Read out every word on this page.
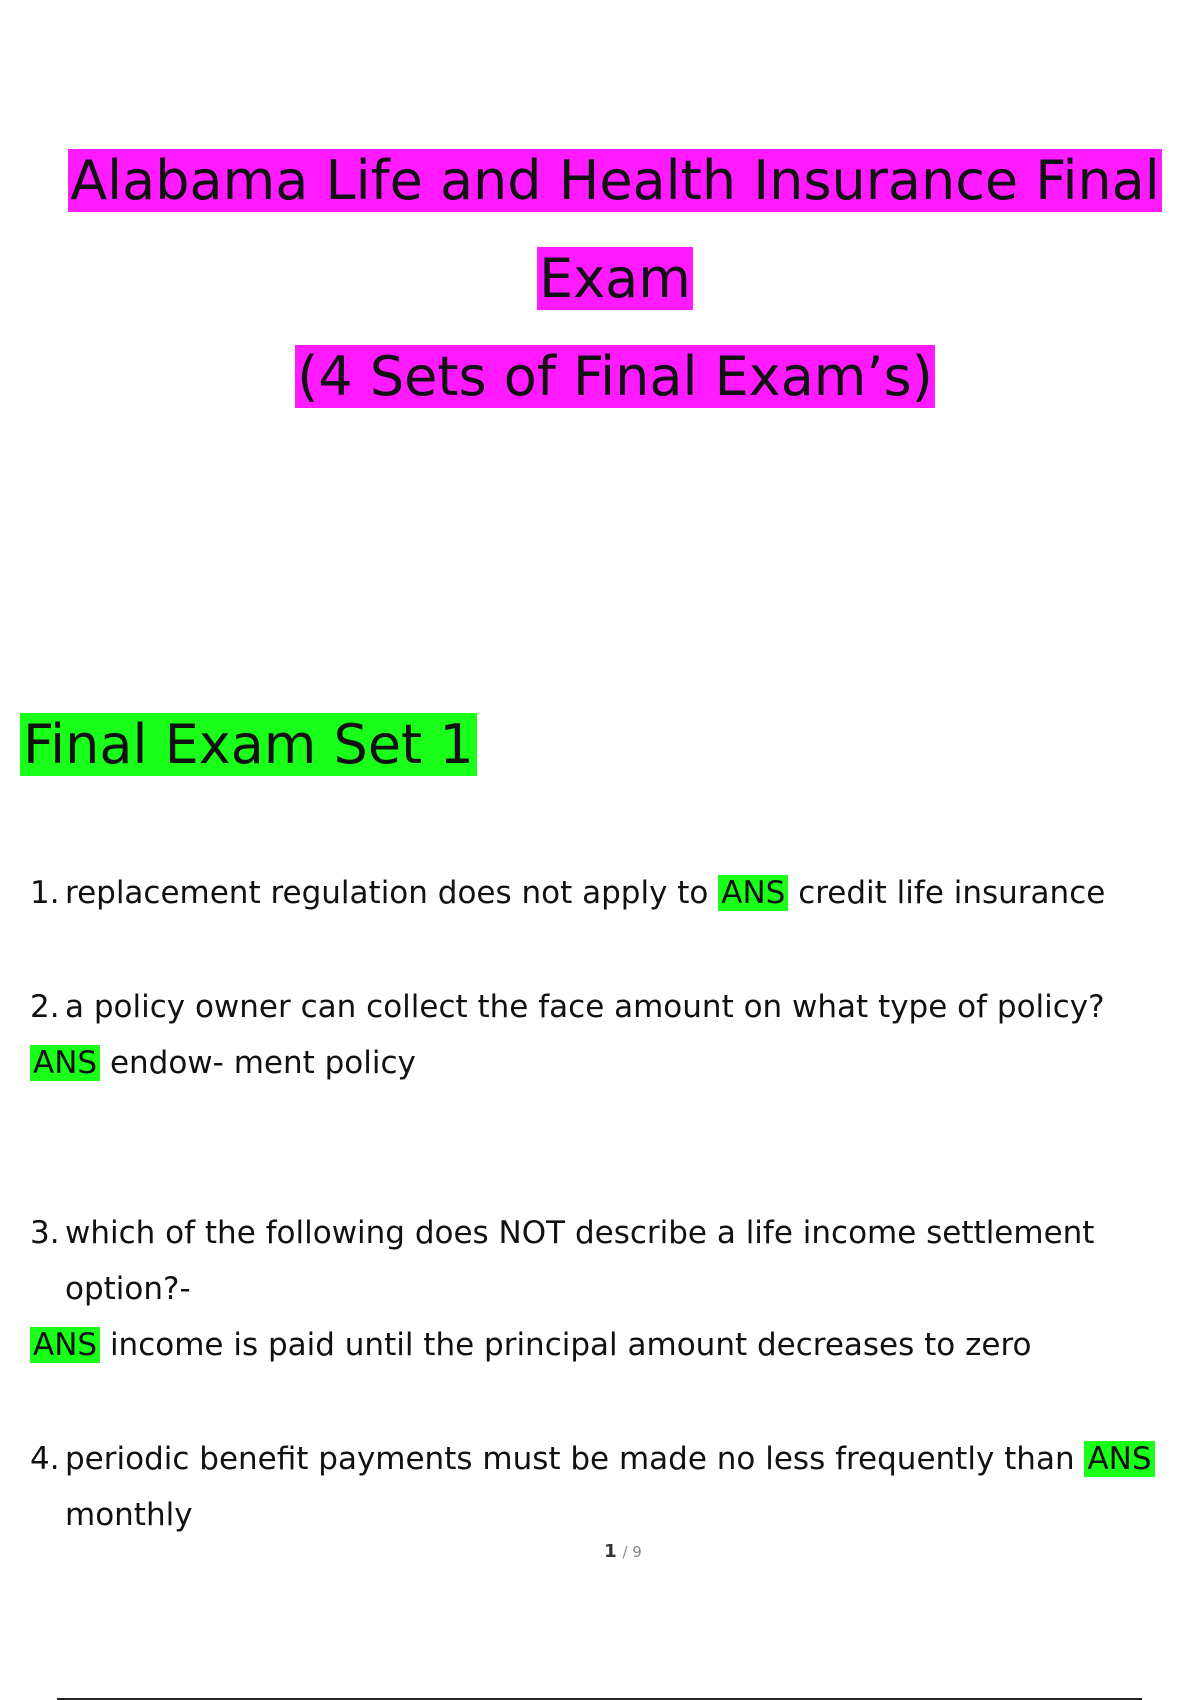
Alabama Life and Health Insurance Final
Exam
(4 Sets of Final Exam’s)
Final Exam Set 1
1. replacement regulation does not apply to ANS credit life insurance
2. a policy owner can collect the face amount on what type of policy?
ANS endow- ment policy
3. which of the following does NOT describe a life income settlement option?-
ANS income is paid until the principal amount decreases to zero
4. periodic benefit payments must be made no less frequently than ANS
monthly
1 / 9
